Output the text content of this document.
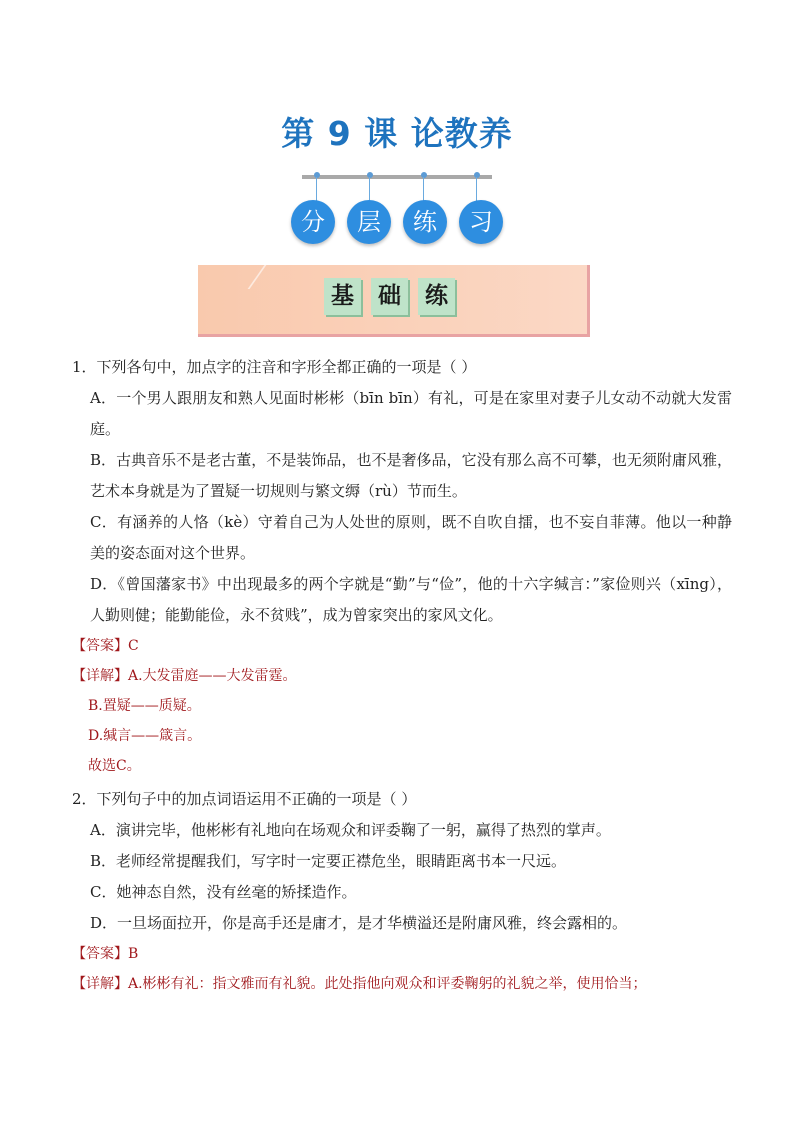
第 9 课 论教养
分	层	练	习
基	础	练
1．下列各句中，加点字的注音和字形全都正确的一项是（ ）
A．一个男人跟朋友和熟人见面时彬彬（bīn bīn）有礼，可是在家里对妻子儿女动不动就大发雷庭。
B．古典音乐不是老古董，不是装饰品，也不是奢侈品，它没有那么高不可攀，也无须附庸风雅，艺术本身就是为了置疑一切规则与繁文缛（rù）节而生。
C．有涵养的人恪（kè）守着自己为人处世的原则，既不自吹自擂，也不妄自菲薄。他以一种静美的姿态面对这个世界。
D．《曾国藩家书》中出现最多的两个字就是“勤”与“俭”，他的十六字缄言：”家俭则兴（xīng），人勤则健；能勤能俭，永不贫贱”，成为曾家突出的家风文化。
【答案】C
【详解】A.大发雷庭——大发雷霆。
B.置疑——质疑。
D.缄言——箴言。
故选C。
2．下列句子中的加点词语运用不正确的一项是（ ）
A．演讲完毕，他彬彬有礼地向在场观众和评委鞠了一躬，赢得了热烈的掌声。
B．老师经常提醒我们，写字时一定要正襟危坐，眼睛距离书本一尺远。
C．她神态自然，没有丝毫的矫揉造作。
D．一旦场面拉开，你是高手还是庸才，是才华横溢还是附庸风雅，终会露相的。
【答案】B
【详解】A.彬彬有礼：指文雅而有礼貌。此处指他向观众和评委鞠躬的礼貌之举，使用恰当；
